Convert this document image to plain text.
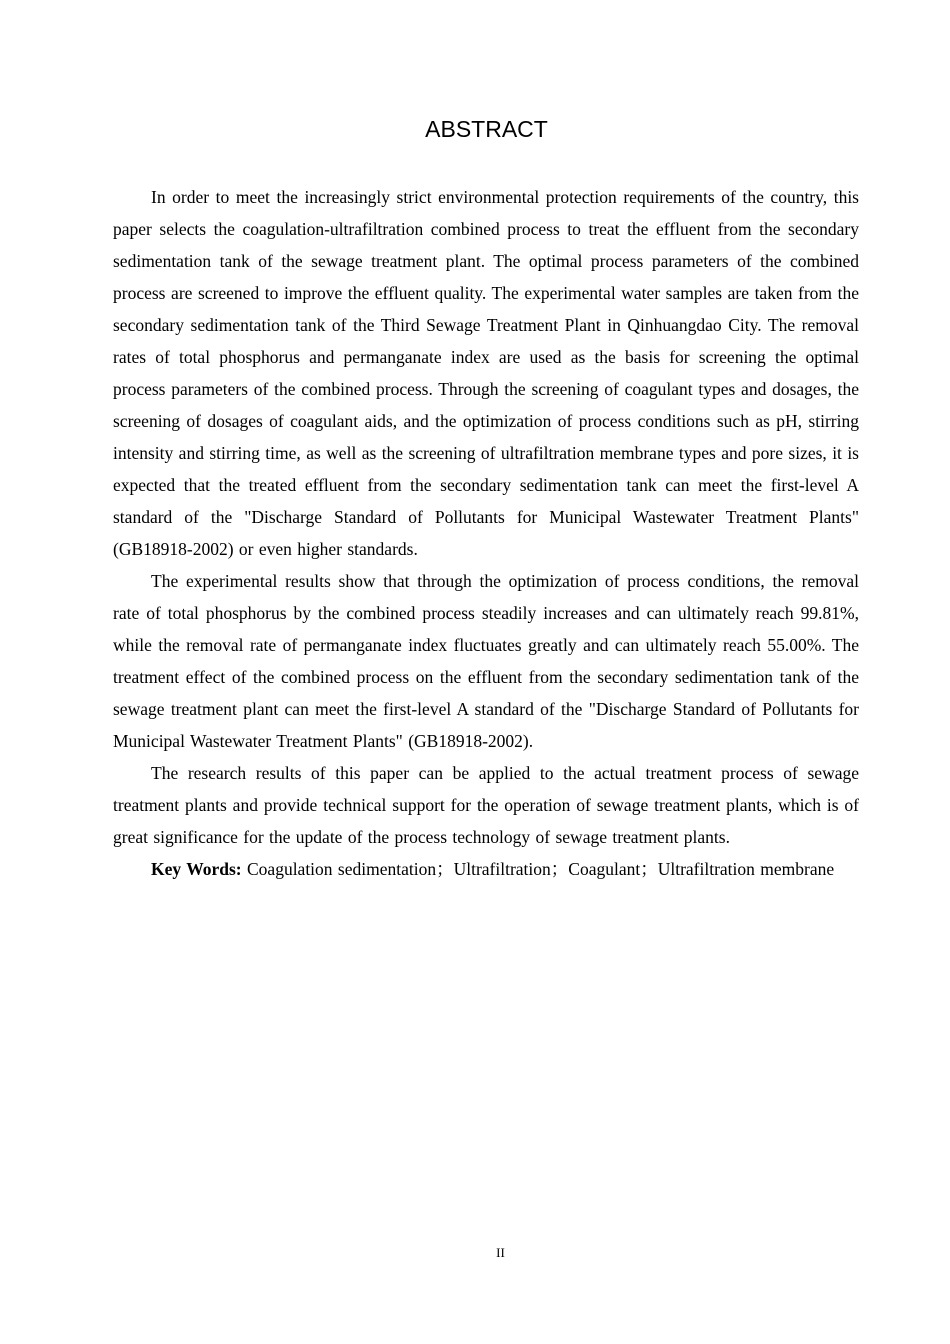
ABSTRACT

In order to meet the increasingly strict environmental protection requirements of the country, this paper selects the coagulation-ultrafiltration combined process to treat the effluent from the secondary sedimentation tank of the sewage treatment plant. The optimal process parameters of the combined process are screened to improve the effluent quality. The experimental water samples are taken from the secondary sedimentation tank of the Third Sewage Treatment Plant in Qinhuangdao City. The removal rates of total phosphorus and permanganate index are used as the basis for screening the optimal process parameters of the combined process. Through the screening of coagulant types and dosages, the screening of dosages of coagulant aids, and the optimization of process conditions such as pH, stirring intensity and stirring time, as well as the screening of ultrafiltration membrane types and pore sizes, it is expected that the treated effluent from the secondary sedimentation tank can meet the first-level A standard of the "Discharge Standard of Pollutants for Municipal Wastewater Treatment Plants" (GB18918-2002) or even higher standards.

The experimental results show that through the optimization of process conditions, the removal rate of total phosphorus by the combined process steadily increases and can ultimately reach 99.81%, while the removal rate of permanganate index fluctuates greatly and can ultimately reach 55.00%. The treatment effect of the combined process on the effluent from the secondary sedimentation tank of the sewage treatment plant can meet the first-level A standard of the "Discharge Standard of Pollutants for Municipal Wastewater Treatment Plants" (GB18918-2002).

The research results of this paper can be applied to the actual treatment process of sewage treatment plants and provide technical support for the operation of sewage treatment plants, which is of great significance for the update of the process technology of sewage treatment plants.

Key Words: Coagulation sedimentation；Ultrafiltration；Coagulant；Ultrafiltration membrane

II
